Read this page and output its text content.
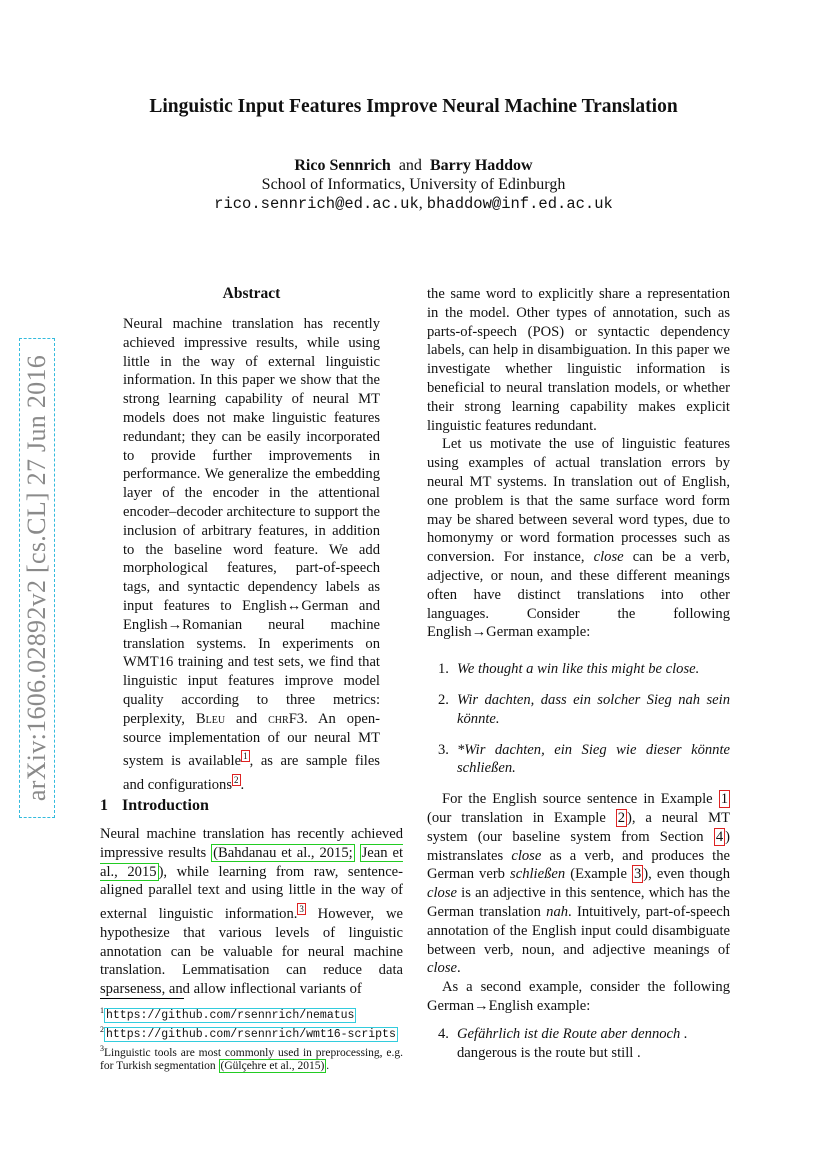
Linguistic Input Features Improve Neural Machine Translation
Rico Sennrich and Barry Haddow
School of Informatics, University of Edinburgh
rico.sennrich@ed.ac.uk, bhaddow@inf.ed.ac.uk
arXiv:1606.02892v2 [cs.CL] 27 Jun 2016
Abstract

Neural machine translation has recently achieved impressive results, while using little in the way of external linguistic information. In this paper we show that the strong learning capability of neural MT models does not make linguistic features redundant; they can be easily incorporated to provide further improvements in performance. We generalize the embedding layer of the encoder in the attentional encoder–decoder architecture to support the inclusion of arbitrary features, in addition to the baseline word feature. We add morphological features, part-of-speech tags, and syntactic dependency labels as input features to English↔German and English→Romanian neural machine translation systems. In experiments on WMT16 training and test sets, we find that linguistic input features improve model quality according to three metrics: perplexity, Bleu and chrF3. An open-source implementation of our neural MT system is available $^1$ , as are sample files and configurations $^2$ .

1 Introduction

Neural machine translation has recently achieved impressive results (Bahdanau et al., 2015; Jean et al., 2015 ), while learning from raw, sentence-aligned parallel text and using little in the way of external linguistic information. $^3$ However, we hypothesize that various levels of linguistic annotation can be valuable for neural machine translation. Lemmatisation can reduce data sparseness, and allow inflectional variants of

$^1$ https://github.com/rsennrich/nematus
$^2$ https://github.com/rsennrich/wmt16-scripts
$^3$Linguistic tools are most commonly used in preprocessing, e.g. for Turkish segmentation (Gülçehre et al., 2015) .

the same word to explicitly share a representation in the model. Other types of annotation, such as parts-of-speech (POS) or syntactic dependency labels, can help in disambiguation. In this paper we investigate whether linguistic information is beneficial to neural translation models, or whether their strong learning capability makes explicit linguistic features redundant.

Let us motivate the use of linguistic features using examples of actual translation errors by neural MT systems. In translation out of English, one problem is that the same surface word form may be shared between several word types, due to homonymy or word formation processes such as conversion. For instance, close can be a verb, adjective, or noun, and these different meanings often have distinct translations into other languages. Consider the following English→German example:

1. We thought a win like this might be close.
2. Wir dachten, dass ein solcher Sieg nah sein könnte.
3. *Wir dachten, ein Sieg wie dieser könnte schließen.

For the English source sentence in Example 1 (our translation in Example 2 ), a neural MT system (our baseline system from Section 4 ) mistranslates close as a verb, and produces the German verb schließen (Example 3 ), even though close is an adjective in this sentence, which has the German translation nah. Intuitively, part-of-speech annotation of the English input could disambiguate between verb, noun, and adjective meanings of close.

As a second example, consider the following German→English example:

4. Gefährlich ist die Route aber dennoch .
dangerous is the route but still .
